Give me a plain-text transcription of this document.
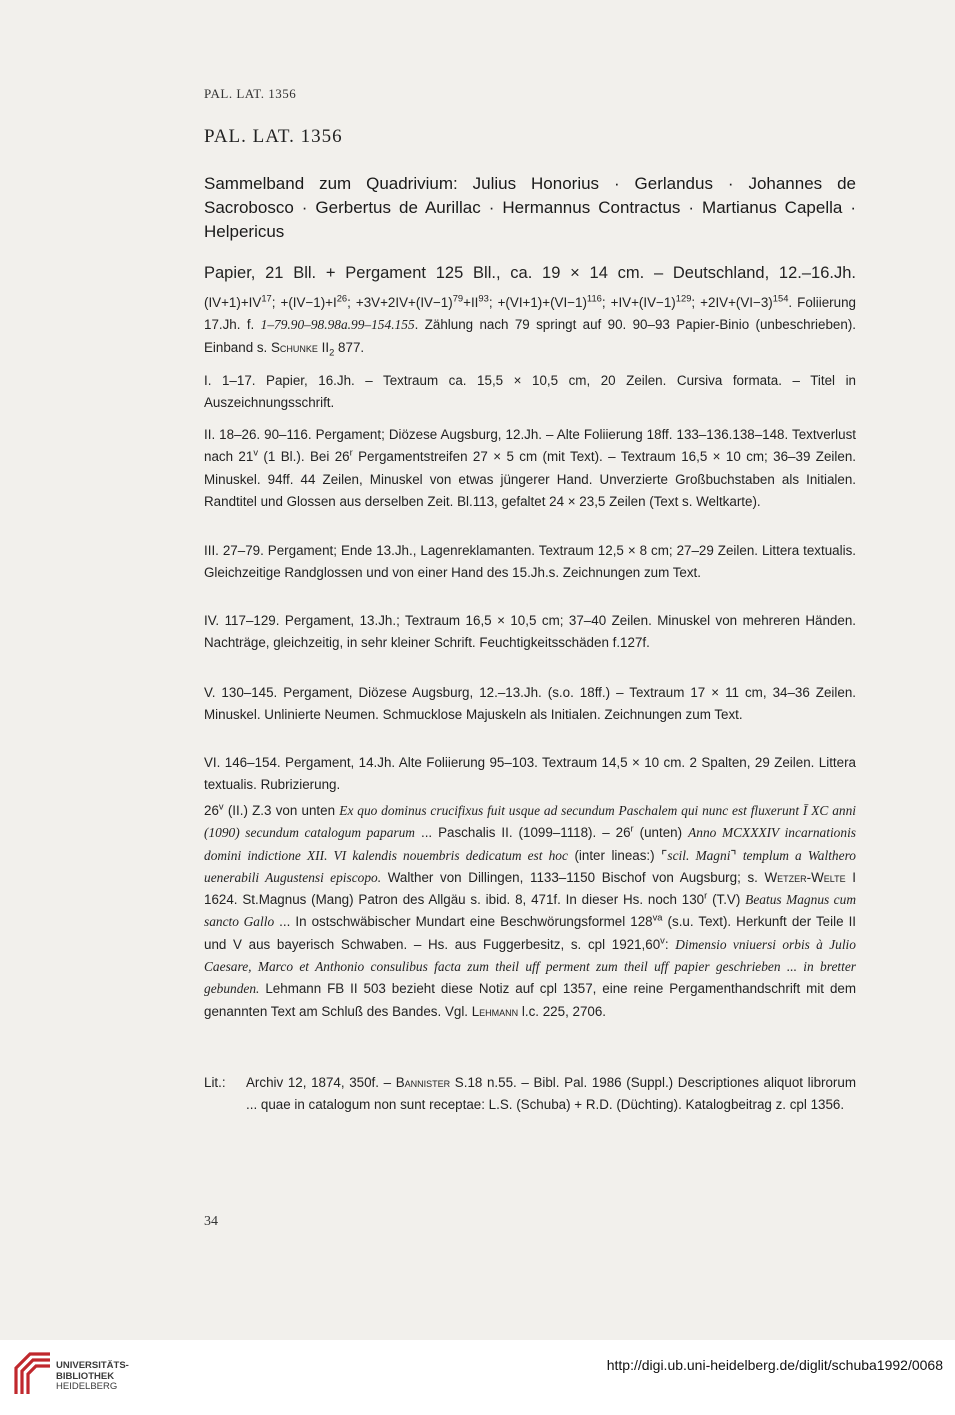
PAL. LAT. 1356
PAL. LAT. 1356
Sammelband zum Quadrivium: Julius Honorius · Gerlandus · Johannes de Sacrobosco · Gerbertus de Aurillac · Hermannus Contractus · Martianus Capella · Helpericus
Papier, 21 Bll. + Pergament 125 Bll., ca. 19 × 14 cm. – Deutschland, 12.–16.Jh.

$(IV+1)+IV^{17}$; $+(IV-1)+I^{26}$; $+3V+2IV+(IV-1)^{79}+II^{93}$; $+(VI+1)+(VI-1)^{116}$; $+IV+(IV-1)^{129}$; $+2IV+(VI-3)^{154}$. Foliierung 17.Jh. f. 1–79.90–98.98a.99–154.155. Zählung nach 79 springt auf 90. 90–93 Papier-Binio (unbeschrieben). Einband s. Schunke $II_2$ 877.

I. 1–17. Papier, 16.Jh. – Textraum ca. 15,5 × 10,5 cm, 20 Zeilen. Cursiva formata. – Titel in Auszeichnungsschrift.

II. 18–26. 90–116. Pergament; Diözese Augsburg, 12.Jh. – Alte Foliierung 18ff. 133–136.138–148. Textverlust nach 21$^v$ (1 Bl.). Bei 26$^r$ Pergamentstreifen 27 × 5 cm (mit Text). – Textraum 16,5 × 10 cm; 36–39 Zeilen. Minuskel. 94ff. 44 Zeilen, Minuskel von etwas jüngerer Hand. Unverzierte Großbuchstaben als Initialen. Randtitel und Glossen aus derselben Zeit. Bl.113, gefaltet 24 × 23,5 Zeilen (Text s. Weltkarte).

III. 27–79. Pergament; Ende 13.Jh., Lagenreklamanten. Textraum 12,5 × 8 cm; 27–29 Zeilen. Littera textualis. Gleichzeitige Randglossen und von einer Hand des 15.Jh.s. Zeichnungen zum Text.

IV. 117–129. Pergament, 13.Jh.; Textraum 16,5 × 10,5 cm; 37–40 Zeilen. Minuskel von mehreren Händen. Nachträge, gleichzeitig, in sehr kleiner Schrift. Feuchtigkeitsschäden f.127f.

V. 130–145. Pergament, Diözese Augsburg, 12.–13.Jh. (s.o. 18ff.) – Textraum 17 × 11 cm, 34–36 Zeilen. Minuskel. Unlinierte Neumen. Schmucklose Majuskeln als Initialen. Zeichnungen zum Text.

VI. 146–154. Pergament, 14.Jh. Alte Foliierung 95–103. Textraum 14,5 × 10 cm. 2 Spalten, 29 Zeilen. Littera textualis. Rubrizierung.

26$^v$ (II.) Z.3 von unten Ex quo dominus crucifixus fuit usque ad secundum Paschalem qui nunc est fluxerunt Ī XC anni (1090) secundum catalogum paparum ... Paschalis II. (1099–1118). – 26$^r$ (unten) Anno MCXXXIV incarnationis domini indictione XII. VI kalendis nouembris dedicatum est hoc (inter lineas:) ⌜scil. Magni⌝ templum a Walthero uenerabili Augustensi episcopo. Walther von Dillingen, 1133–1150 Bischof von Augsburg; s. Wetzer-Welte I 1624. St.Magnus (Mang) Patron des Allgäu s. ibid. 8, 471f. In dieser Hs. noch 130$^r$ (T.V) Beatus Magnus cum sancto Gallo ... In ostschwäbischer Mundart eine Beschwörungsformel $128^{va}$ (s.u. Text). Herkunft der Teile II und V aus bayerisch Schwaben. – Hs. aus Fuggerbesitz, s. cpl 1921,60$^v$: Dimensio vniuersi orbis à Julio Caesare, Marco et Anthonio consulibus facta zum theil uff perment zum theil uff papier geschrieben ... in bretter gebunden. Lehmann FB II 503 bezieht diese Notiz auf cpl 1357, eine reine Pergamenthandschrift mit dem genannten Text am Schluß des Bandes. Vgl. Lehmann l.c. 225, 2706.

Lit.:	Archiv 12, 1874, 350f. – Bannister S.18 n.55. – Bibl. Pal. 1986 (Suppl.) Descriptiones aliquot librorum ... quae in catalogum non sunt receptae: L.S. (Schuba) + R.D. (Düchting). Katalogbeitrag z. cpl 1356.
34
UNIVERSITÄTS-
BIBLIOTHEK
HEIDELBERG
http://digi.ub.uni-heidelberg.de/diglit/schuba1992/0068
